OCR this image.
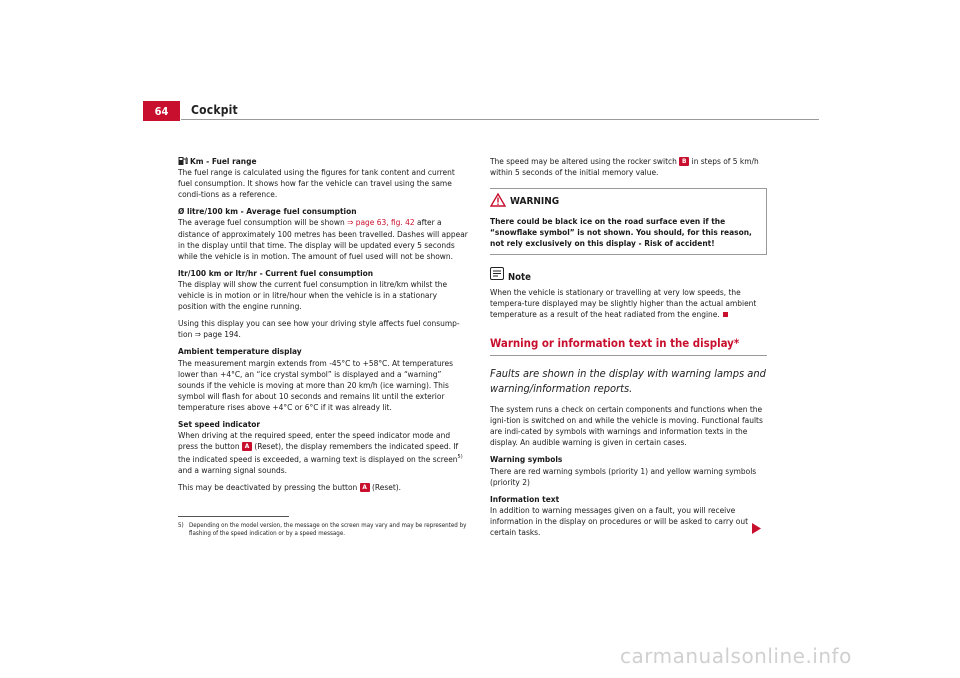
64	Cockpit

Km - Fuel range

The fuel range is calculated using the figures for tank content and current fuel consumption. It shows how far the vehicle can travel using the same condi-tions as a reference.

Ø litre/100 km - Average fuel consumption

The average fuel consumption will be shown ⇒ page 63, fig. 42 after a distance of approximately 100 metres has been travelled. Dashes will appear in the display until that time. The display will be updated every 5 seconds while the vehicle is in motion. The amount of fuel used will not be shown.

ltr/100 km or ltr/hr - Current fuel consumption

The display will show the current fuel consumption in litre/km whilst the vehicle is in motion or in litre/hour when the vehicle is in a stationary position with the engine running.

Using this display you can see how your driving style affects fuel consump-tion ⇒ page 194.

Ambient temperature display

The measurement margin extends from -45°C to +58°C. At temperatures lower than +4°C, an “ice crystal symbol” is displayed and a “warning” sounds if the vehicle is moving at more than 20 km/h (ice warning). This symbol will flash for about 10 seconds and remains lit until the exterior temperature rises above +4°C or 6°C if it was already lit.

Set speed indicator

When driving at the required speed, enter the speed indicator mode and press the button A (Reset), the display remembers the indicated speed. If the indicated speed is exceeded, a warning text is displayed on the screen$^{5)}$ and a warning signal sounds.

This may be deactivated by pressing the button A (Reset).

5) Depending on the model version, the message on the screen may vary and may be represented by flashing of the speed indication or by a speed message.

The speed may be altered using the rocker switch B in steps of 5 km/h within 5 seconds of the initial memory value.

WARNING
There could be black ice on the road surface even if the “snowflake symbol” is not shown. You should, for this reason, not rely exclusively on this display - Risk of accident!
Note

When the vehicle is stationary or travelling at very low speeds, the tempera-ture displayed may be slightly higher than the actual ambient temperature as a result of the heat radiated from the engine.

Warning or information text in the display*
Faults are shown in the display with warning lamps and warning/information reports.

The system runs a check on certain components and functions when the igni-tion is switched on and while the vehicle is moving. Functional faults are indi-cated by symbols with warnings and information texts in the display. An audible warning is given in certain cases.

Warning symbols

There are red warning symbols (priority 1) and yellow warning symbols (priority 2)

Information text

In addition to warning messages given on a fault, you will receive information in the display on procedures or will be asked to carry out certain tasks.

carmanualsonline.info
